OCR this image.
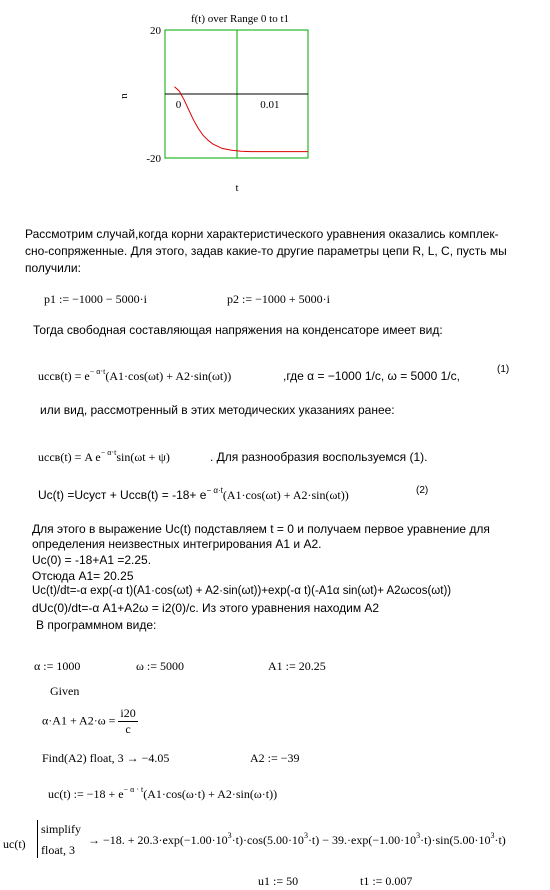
f(t) over Range 0 to t1
u
t
20
-20
0	0.01
Рассмотрим случай,когда корни характеристического уравнения оказались комплек-
сно-сопряженные. Для этого, задав какие-то другие параметры цепи R, L, C, пусть мы
получили:
p1 := −1000 − 5000·i	p2 := −1000 + 5000·i
Тогда свободная составляющая напряжения на конденсаторе имеет вид:
uссв(t) = $e^{- \alpha\cdot t}(A1\cdot\cos(\omega t) + A2\cdot\sin(\omega t))$	,где α = −1000 1/c, ω = 5000 1/c,	(1)
или вид, рассмотренный в этих методических указаниях ранее:
uссв(t) = A $e^{- \alpha\cdot t}\sin(\omega t + \psi)$	. Для разнообразия воспользуемся (1).
Uc(t) =Uсуст + Uссв(t) = $-18+ e^{- \alpha\cdot t}(A1\cdot\cos(\omega t) + A2\cdot\sin(\omega t))$	(2)
Для этого в выражение Uc(t) подставляем t = 0 и получаем первое уравнение для
определения неизвестных интегрирования A1 и A2.
Uc(0) = -18+A1 =2.25.
Отсюда A1= 20.25
Uc(t)/dt=-α exp(-α t)(A1·cos(ωt) + A2·sin(ωt))+exp(-α t)(-A1α sin(ωt)+ A2ωcos(ωt))
dUc(0)/dt=-α A1+A2ω = i2(0)/c. Из этого уравнения находим A2
В программном виде:
α := 1000	ω := 5000	A1 := 20.25
Given
$\alpha\cdot A1 + A2\cdot\omega = \frac{i20}{c}$
Find(A2) float, 3 → −4.05	A2 := −39
uc(t) := $-18 + e^{- \alpha \cdot t}(A1\cdot\cos(\omega\cdot t) + A2\cdot\sin(\omega\cdot t))$
uc(t)
simplify
float, 3
→ −18. + $20.3\cdot\exp(-1.00\cdot 10^3\cdot t)\cdot\cos(5.00\cdot 10^3\cdot t) - 39.\cdot\exp(-1.00\cdot 10^3\cdot t)\cdot\sin(5.00\cdot 10^3\cdot t)$
u1 := 50	t1 := 0.007
